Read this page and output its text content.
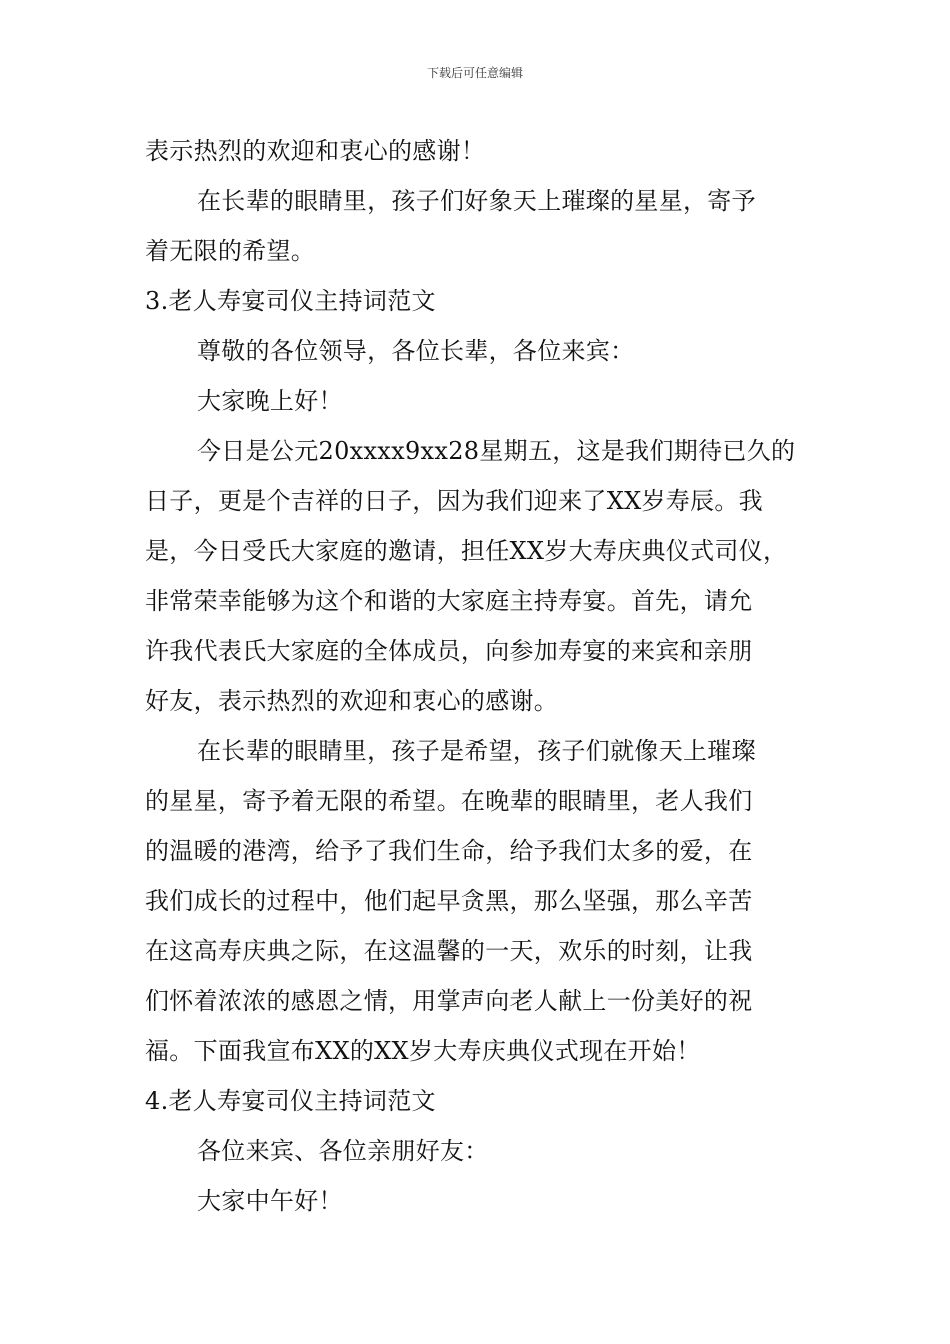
下载后可任意编辑
表示热烈的欢迎和衷心的感谢！
在长辈的眼睛里，孩子们好象天上璀璨的星星，寄予
着无限的希望。
3.老人寿宴司仪主持词范文
尊敬的各位领导，各位长辈，各位来宾：
大家晚上好！
今日是公元20xxxx9xx28星期五，这是我们期待已久的
日子，更是个吉祥的日子，因为我们迎来了XX岁寿辰。我
是，今日受氏大家庭的邀请，担任XX岁大寿庆典仪式司仪，
非常荣幸能够为这个和谐的大家庭主持寿宴。首先，请允
许我代表氏大家庭的全体成员，向参加寿宴的来宾和亲朋
好友，表示热烈的欢迎和衷心的感谢。
在长辈的眼睛里，孩子是希望，孩子们就像天上璀璨
的星星，寄予着无限的希望。在晚辈的眼睛里，老人我们
的温暖的港湾，给予了我们生命，给予我们太多的爱，在
我们成长的过程中，他们起早贪黑，那么坚强，那么辛苦
在这高寿庆典之际，在这温馨的一天，欢乐的时刻，让我
们怀着浓浓的感恩之情，用掌声向老人献上一份美好的祝
福。下面我宣布XX的XX岁大寿庆典仪式现在开始！
4.老人寿宴司仪主持词范文
各位来宾、各位亲朋好友：
大家中午好！
